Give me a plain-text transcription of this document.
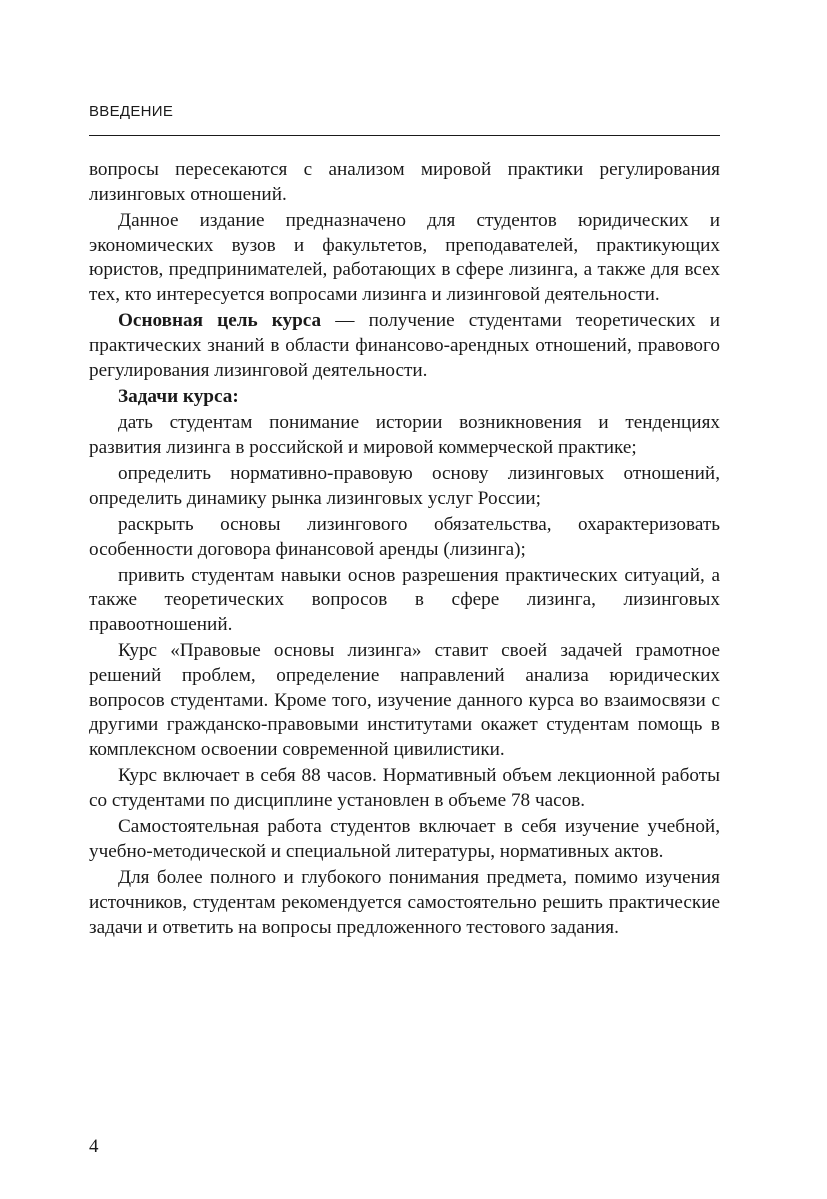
ВВЕДЕНИЕ

вопросы пересекаются с анализом мировой практики регулирования лизинговых отношений.

Данное издание предназначено для студентов юридических и экономических вузов и факультетов, преподавателей, практикующих юристов, предпринимателей, работающих в сфере лизинга, а также для всех тех, кто интересуется вопросами лизинга и лизинговой деятельности.

Основная цель курса — получение студентами теоретических и практических знаний в области финансово-арендных отношений, правового регулирования лизинговой деятельности.

Задачи курса:

дать студентам понимание истории возникновения и тенденциях развития лизинга в российской и мировой коммерческой практике;

определить нормативно-правовую основу лизинговых отношений, определить динамику рынка лизинговых услуг России;

раскрыть основы лизингового обязательства, охарактеризовать особенности договора финансовой аренды (лизинга);

привить студентам навыки основ разрешения практических ситуаций, а также теоретических вопросов в сфере лизинга, лизинговых правоотношений.

Курс «Правовые основы лизинга» ставит своей задачей грамотное решений проблем, определение направлений анализа юридических вопросов студентами. Кроме того, изучение данного курса во взаимосвязи с другими гражданско-правовыми институтами окажет студентам помощь в комплексном освоении современной цивилистики.

Курс включает в себя 88 часов. Нормативный объем лекционной работы со студентами по дисциплине установлен в объеме 78 часов.

Самостоятельная работа студентов включает в себя изучение учебной, учебно-методической и специальной литературы, нормативных актов.

Для более полного и глубокого понимания предмета, помимо изучения источников, студентам рекомендуется самостоятельно решить практические задачи и ответить на вопросы предложенного тестового задания.

4
